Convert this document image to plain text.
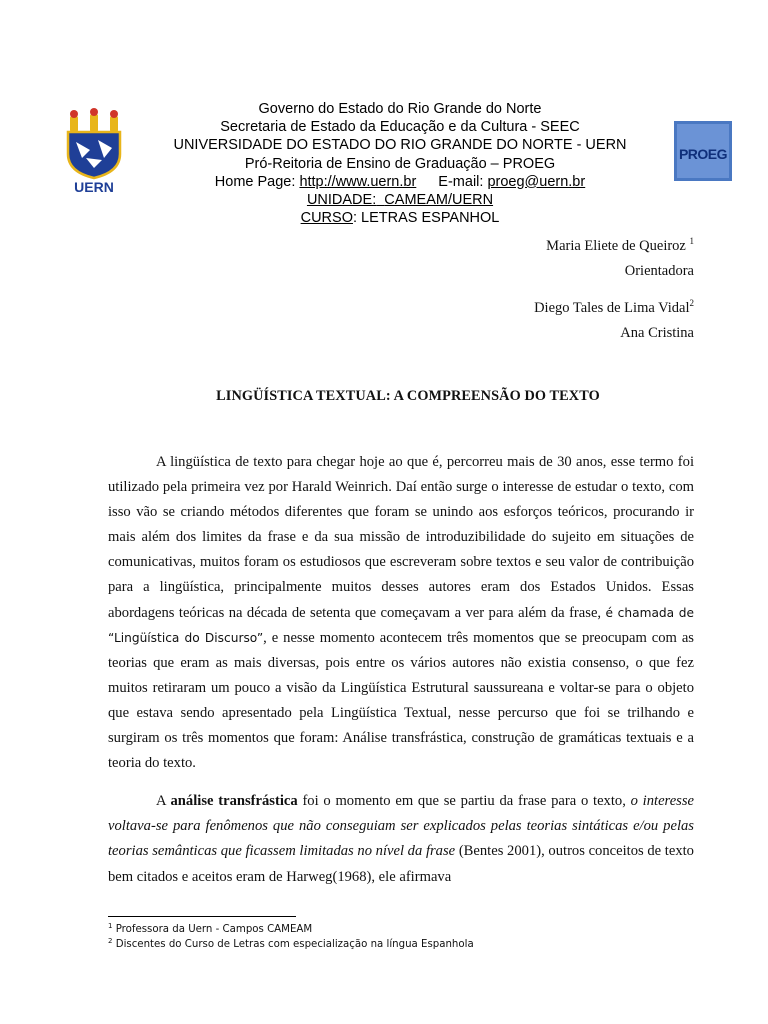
UERN
PROEG
Governo do Estado do Rio Grande do Norte
Secretaria de Estado da Educação e da Cultura - SEEC
UNIVERSIDADE DO ESTADO DO RIO GRANDE DO NORTE - UERN
Pró-Reitoria de Ensino de Graduação – PROEG
Home Page: http://www.uern.br E-mail: proeg@uern.br
UNIDADE: CAMEAM/UERN
CURSO: LETRAS ESPANHOL
Maria Eliete de Queiroz $^1$
Orientadora
Diego Tales de Lima Vidal$^2$
Ana Cristina
LINGÜÍSTICA TEXTUAL: A COMPREENSÃO DO TEXTO

A lingüística de texto para chegar hoje ao que é, percorreu mais de 30 anos, esse termo foi utilizado pela primeira vez por Harald Weinrich. Daí então surge o interesse de estudar o texto, com isso vão se criando métodos diferentes que foram se unindo aos esforços teóricos, procurando ir mais além dos limites da frase e da sua missão de introduzibilidade do sujeito em situações de comunicativas, muitos foram os estudiosos que escreveram sobre textos e seu valor de contribuição para a lingüística, principalmente muitos desses autores eram dos Estados Unidos. Essas abordagens teóricas na década de setenta que começavam a ver para além da frase, é chamada de “Lingüística do Discurso”, e nesse momento acontecem três momentos que se preocupam com as teorias que eram as mais diversas, pois entre os vários autores não existia consenso, o que fez muitos retiraram um pouco a visão da Lingüística Estrutural saussureana e voltar-se para o objeto que estava sendo apresentado pela Lingüística Textual, nesse percurso que foi se trilhando e surgiram os três momentos que foram: Análise transfrástica, construção de gramáticas textuais e a teoria do texto.

A análise transfrástica foi o momento em que se partiu da frase para o texto, o interesse voltava-se para fenômenos que não conseguiam ser explicados pelas teorias sintáticas e/ou pelas teorias semânticas que ficassem limitadas no nível da frase (Bentes 2001), outros conceitos de texto bem citados e aceitos eram de Harweg(1968), ele afirmava

$^1$ Professora da Uern - Campos CAMEAM
$^2$ Discentes do Curso de Letras com especialização na língua Espanhola
